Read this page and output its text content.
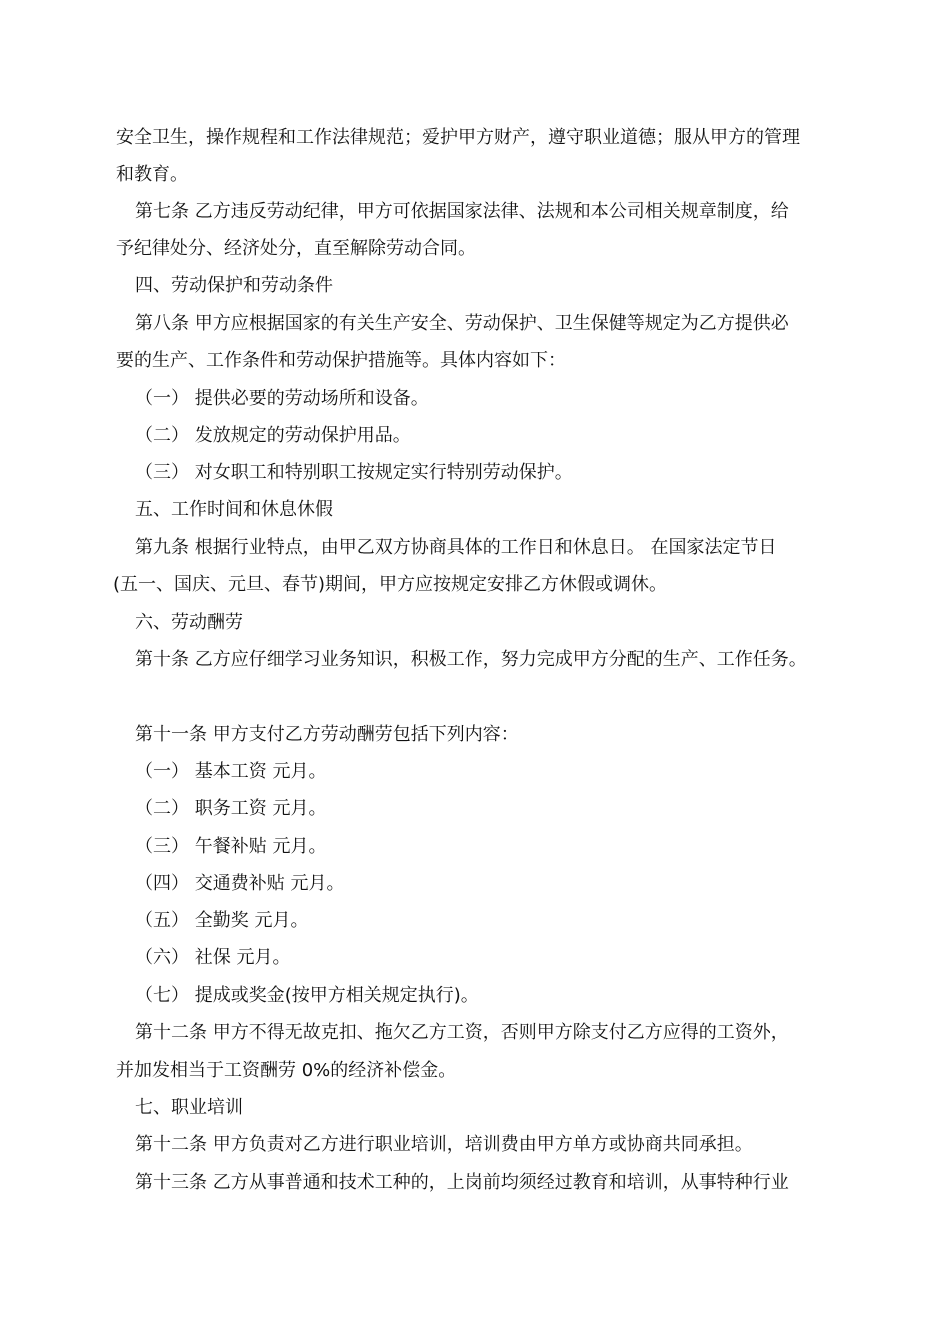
安全卫生，操作规程和工作法律规范；爱护甲方财产，遵守职业道德；服从甲方的管理
和教育。
第七条 乙方违反劳动纪律，甲方可依据国家法律、法规和本公司相关规章制度，给
予纪律处分、经济处分，直至解除劳动合同。
四、劳动保护和劳动条件
第八条 甲方应根据国家的有关生产安全、劳动保护、卫生保健等规定为乙方提供必
要的生产、工作条件和劳动保护措施等。具体内容如下：
（一） 提供必要的劳动场所和设备。
（二） 发放规定的劳动保护用品。
（三） 对女职工和特别职工按规定实行特别劳动保护。
五、工作时间和休息休假
第九条 根据行业特点，由甲乙双方协商具体的工作日和休息日。 在国家法定节日
(五一、国庆、元旦、春节)期间，甲方应按规定安排乙方休假或调休。
六、劳动酬劳
第十条 乙方应仔细学习业务知识，积极工作，努力完成甲方分配的生产、工作任务。
第十一条 甲方支付乙方劳动酬劳包括下列内容：
（一） 基本工资 元月。
（二） 职务工资 元月。
（三） 午餐补贴 元月。
（四） 交通费补贴 元月。
（五） 全勤奖 元月。
（六） 社保 元月。
（七） 提成或奖金(按甲方相关规定执行)。
第十二条 甲方不得无故克扣、拖欠乙方工资，否则甲方除支付乙方应得的工资外，
并加发相当于工资酬劳 0%的经济补偿金。
七、职业培训
第十二条 甲方负责对乙方进行职业培训，培训费由甲方单方或协商共同承担。
第十三条 乙方从事普通和技术工种的，上岗前均须经过教育和培训，从事特种行业
